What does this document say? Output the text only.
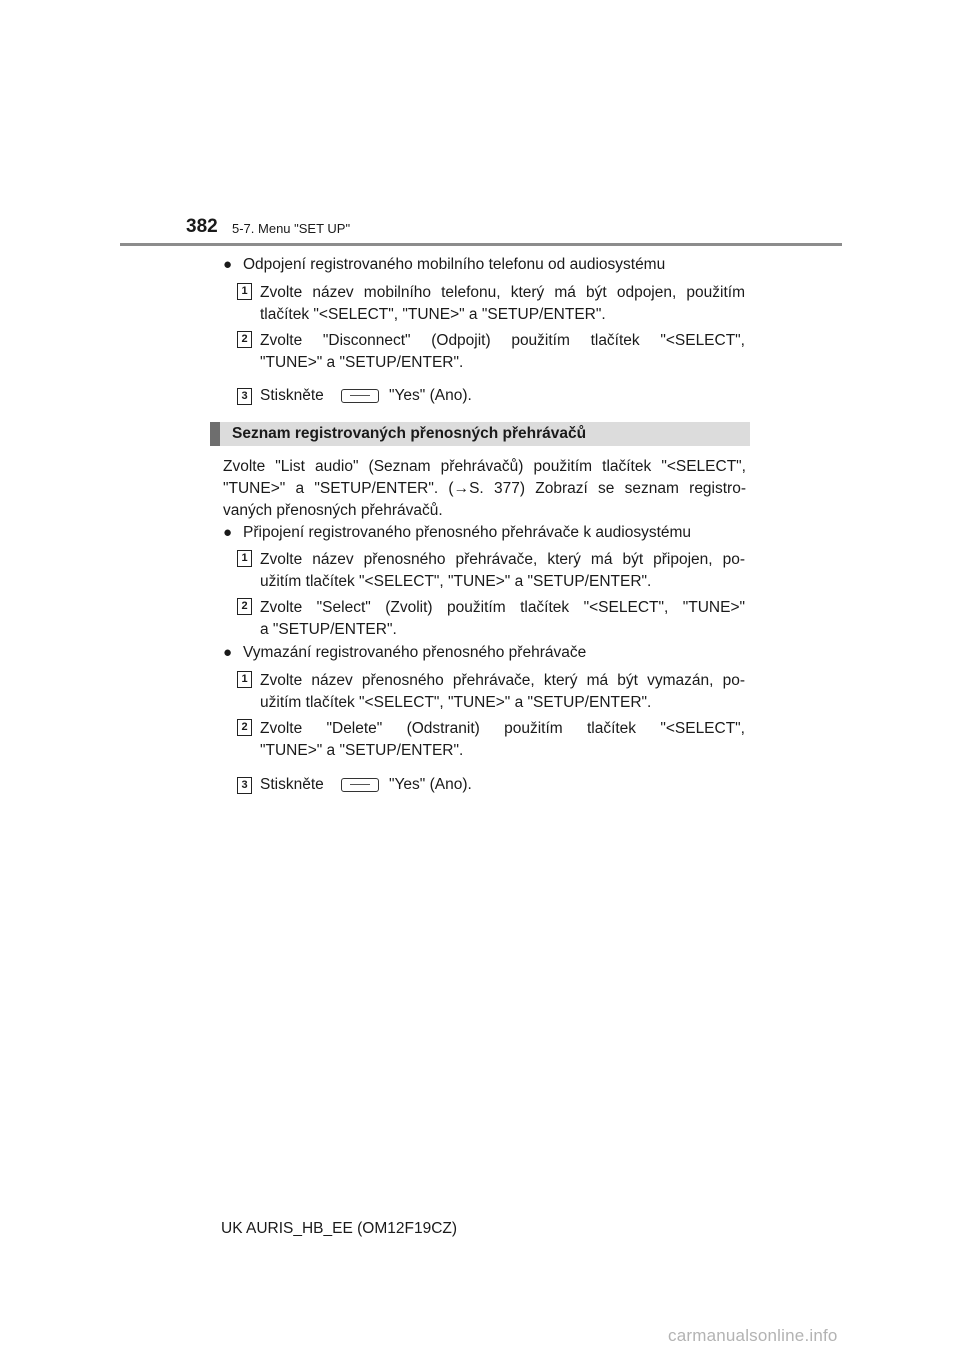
382 5-7. Menu "SET UP"
● Odpojení registrovaného mobilního telefonu od audiosystému
1 Zvolte název mobilního telefonu, který má být odpojen, použitím
tlačítek "<SELECT", "TUNE>" a "SETUP/ENTER".
2 Zvolte "Disconnect" (Odpojit) použitím tlačítek "<SELECT",
"TUNE>" a "SETUP/ENTER".
3 Stiskněte	"Yes" (Ano).
Seznam registrovaných přenosných přehrávačů
Zvolte "List audio" (Seznam přehrávačů) použitím tlačítek "<SELECT",
"TUNE>" a "SETUP/ENTER". (→S. 377) Zobrazí se seznam registro-
vaných přenosných přehrávačů.
● Připojení registrovaného přenosného přehrávače k audiosystému
1 Zvolte název přenosného přehrávače, který má být připojen, po-
užitím tlačítek "<SELECT", "TUNE>" a "SETUP/ENTER".
2 Zvolte "Select" (Zvolit) použitím tlačítek "<SELECT", "TUNE>"
a "SETUP/ENTER".
● Vymazání registrovaného přenosného přehrávače
1 Zvolte název přenosného přehrávače, který má být vymazán, po-
užitím tlačítek "<SELECT", "TUNE>" a "SETUP/ENTER".
2 Zvolte "Delete" (Odstranit) použitím tlačítek "<SELECT",
"TUNE>" a "SETUP/ENTER".
3 Stiskněte	"Yes" (Ano).
UK AURIS_HB_EE (OM12F19CZ)
carmanualsonline.info
